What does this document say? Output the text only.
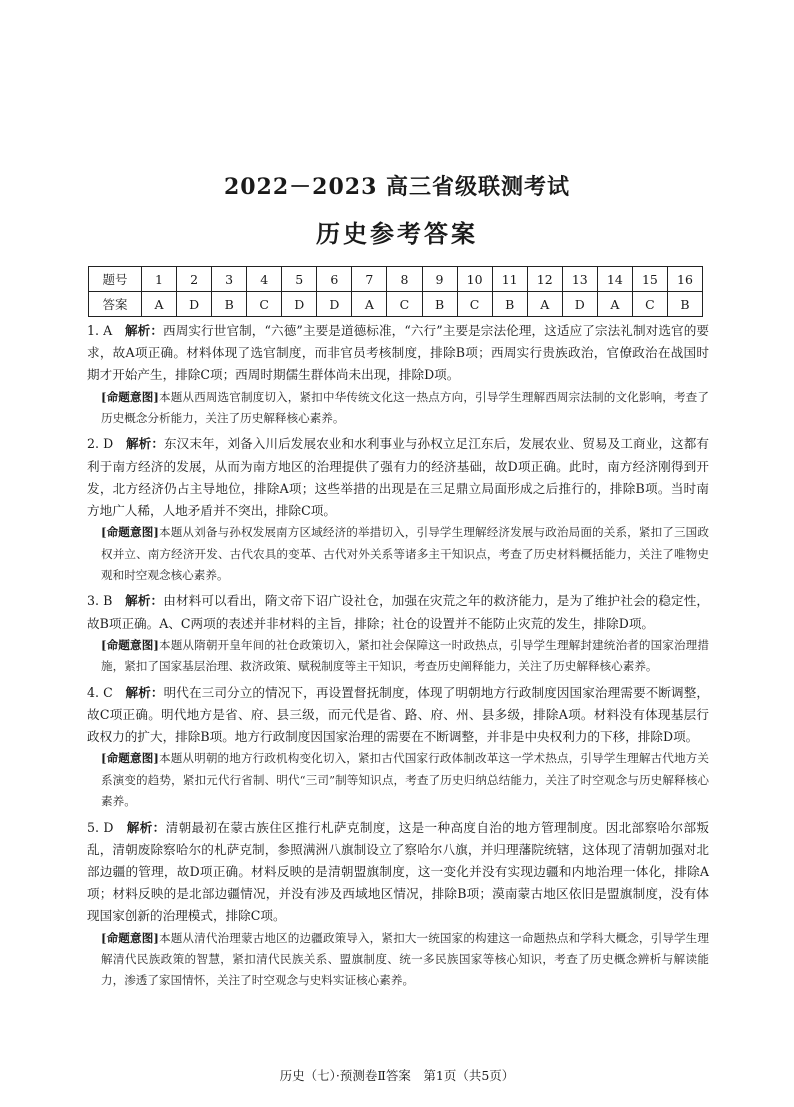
2022－2023 高三省级联测考试
历史参考答案
题号	1	2	3	4	5	6	7	8	9	10	11	12	13	14	15	16
答案	A	D	B	C	D	D	A	C	B	C	B	A	D	A	C	B
1. A　 解析：西周实行世官制，“六德”主要是道德标准，“六行”主要是宗法伦理，这适应了宗法礼制对选官的要求，故A项正确。材料体现了选官制度，而非官员考核制度，排除B项；西周实行贵族政治，官僚政治在战国时期才开始产生，排除C项；西周时期儒生群体尚未出现，排除D项。
[命题意图]本题从西周选官制度切入，紧扣中华传统文化这一热点方向，引导学生理解西周宗法制的文化影响，考查了历史概念分析能力，关注了历史解释核心素养。
2. D　 解析：东汉末年，刘备入川后发展农业和水利事业与孙权立足江东后，发展农业、贸易及工商业，这都有利于南方经济的发展，从而为南方地区的治理提供了强有力的经济基础，故D项正确。此时，南方经济刚得到开发，北方经济仍占主导地位，排除A项；这些举措的出现是在三足鼎立局面形成之后推行的，排除B项。当时南方地广人稀，人地矛盾并不突出，排除C项。
[命题意图]本题从刘备与孙权发展南方区域经济的举措切入，引导学生理解经济发展与政治局面的关系，紧扣了三国政权并立、南方经济开发、古代农具的变革、古代对外关系等诸多主干知识点，考查了历史材料概括能力，关注了唯物史观和时空观念核心素养。
3. B　 解析：由材料可以看出，隋文帝下诏广设社仓，加强在灾荒之年的救济能力，是为了维护社会的稳定性，故B项正确。A、C两项的表述并非材料的主旨，排除；社仓的设置并不能防止灾荒的发生，排除D项。
[命题意图]本题从隋朝开皇年间的社仓政策切入，紧扣社会保障这一时政热点，引导学生理解封建统治者的国家治理措施，紧扣了国家基层治理、救济政策、赋税制度等主干知识，考查历史阐释能力，关注了历史解释核心素养。
4. C　 解析：明代在三司分立的情况下，再设置督抚制度，体现了明朝地方行政制度因国家治理需要不断调整，故C项正确。明代地方是省、府、县三级，而元代是省、路、府、州、县多级，排除A项。材料没有体现基层行政权力的扩大，排除B项。地方行政制度因国家治理的需要在不断调整，并非是中央权利力的下移，排除D项。
[命题意图]本题从明朝的地方行政机构变化切入，紧扣古代国家行政体制改革这一学术热点，引导学生理解古代地方关系演变的趋势，紧扣元代行省制、明代“三司”制等知识点，考查了历史归纳总结能力，关注了时空观念与历史解释核心素养。
5. D　 解析：清朝最初在蒙古族住区推行札萨克制度，这是一种高度自治的地方管理制度。因北部察哈尔部叛乱，清朝废除察哈尔的札萨克制，参照满洲八旗制设立了察哈尔八旗，并归理藩院统辖，这体现了清朝加强对北部边疆的管理，故D项正确。材料反映的是清朝盟旗制度，这一变化并没有实现边疆和内地治理一体化，排除A项；材料反映的是北部边疆情况，并没有涉及西域地区情况，排除B项；漠南蒙古地区依旧是盟旗制度，没有体现国家创新的治理模式，排除C项。
[命题意图]本题从清代治理蒙古地区的边疆政策导入，紧扣大一统国家的构建这一命题热点和学科大概念，引导学生理解清代民族政策的智慧，紧扣清代民族关系、盟旗制度、统一多民族国家等核心知识，考查了历史概念辨析与解读能力，渗透了家国情怀，关注了时空观念与史料实证核心素养。
历史（七）·预测卷Ⅱ答案　第1页（共5页）
